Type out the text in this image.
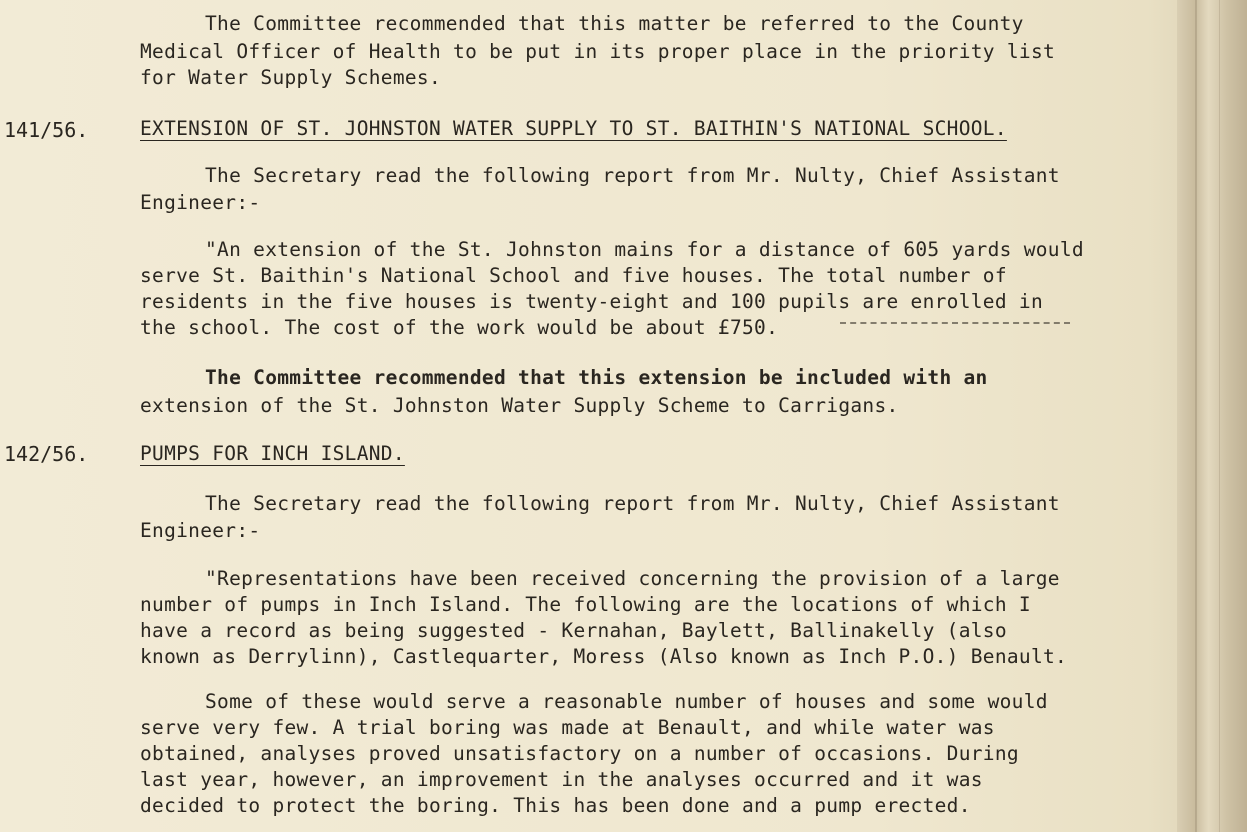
The Committee recommended that this matter be referred to the County
Medical Officer of Health to be put in its proper place in the priority list
for Water Supply Schemes.
141/56.	EXTENSION OF ST. JOHNSTON WATER SUPPLY TO ST. BAITHIN'S NATIONAL SCHOOL.
The Secretary read the following report from Mr. Nulty, Chief Assistant
Engineer:-
"An extension of the St. Johnston mains for a distance of 605 yards would
serve St. Baithin's National School and five houses. The total number of
residents in the five houses is twenty-eight and 100 pupils are enrolled in
the school. The cost of the work would be about £750.
The Committee recommended that this extension be included with an
extension of the St. Johnston Water Supply Scheme to Carrigans.
142/56.	PUMPS FOR INCH ISLAND.
The Secretary read the following report from Mr. Nulty, Chief Assistant
Engineer:-
"Representations have been received concerning the provision of a large
number of pumps in Inch Island. The following are the locations of which I
have a record as being suggested - Kernahan, Baylett, Ballinakelly (also
known as Derrylinn), Castlequarter, Moress (Also known as Inch P.O.) Benault.
Some of these would serve a reasonable number of houses and some would
serve very few. A trial boring was made at Benault, and while water was
obtained, analyses proved unsatisfactory on a number of occasions. During
last year, however, an improvement in the analyses occurred and it was
decided to protect the boring. This has been done and a pump erected.
